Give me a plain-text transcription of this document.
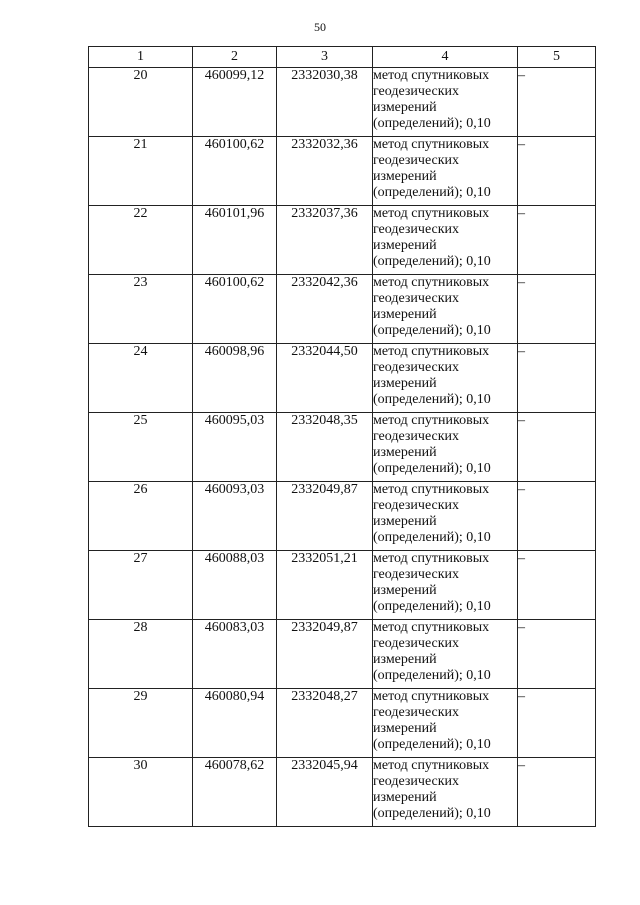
50
1	2	3	4	5
20	460099,12	2332030,38	метод спутниковых геодезических измерений (определений); 0,10	–
21	460100,62	2332032,36	метод спутниковых геодезических измерений (определений); 0,10	–
22	460101,96	2332037,36	метод спутниковых геодезических измерений (определений); 0,10	–
23	460100,62	2332042,36	метод спутниковых геодезических измерений (определений); 0,10	–
24	460098,96	2332044,50	метод спутниковых геодезических измерений (определений); 0,10	–
25	460095,03	2332048,35	метод спутниковых геодезических измерений (определений); 0,10	–
26	460093,03	2332049,87	метод спутниковых геодезических измерений (определений); 0,10	–
27	460088,03	2332051,21	метод спутниковых геодезических измерений (определений); 0,10	–
28	460083,03	2332049,87	метод спутниковых геодезических измерений (определений); 0,10	–
29	460080,94	2332048,27	метод спутниковых геодезических измерений (определений); 0,10	–
30	460078,62	2332045,94	метод спутниковых геодезических измерений (определений); 0,10	–
